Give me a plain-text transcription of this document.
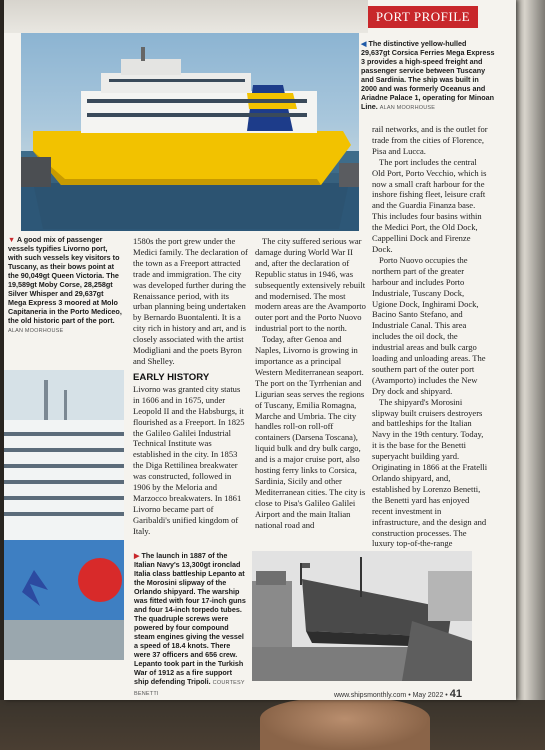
PORT PROFILE
◀ The distinctive yellow-hulled 29,637gt Corsica Ferries Mega Express 3 provides a high-speed freight and passenger service between Tuscany and Sardinia. The ship was built in 2000 and was formerly Oceanus and Ariadne Palace 1, operating for Minoan Line. ALAN MOORHOUSE
▼ A good mix of passenger vessels typifies Livorno port, with such vessels key visitors to Tuscany, as their bows point at the 90,049gt Queen Victoria. The 19,589gt Moby Corse, 28,258gt Silver Whisper and 29,637gt Mega Express 3 moored at Molo Capitaneria in the Porto Mediceo, the old historic part of the port. ALAN MOORHOUSE

1580s the port grew under the Medici family. The declaration of the town as a Freeport attracted trade and immigration. The city was developed further during the Renaissance period, with its urban planning being undertaken by Bernardo Buontalenti. It is a city rich in history and art, and is closely associated with the artist Modigliani and the poets Byron and Shelley.

EARLY HISTORY

Livorno was granted city status in 1606 and in 1675, under Leopold II and the Habsburgs, it flourished as a Freeport. In 1825 the Galileo Galilei Industrial Technical Institute was established in the city. In 1853 the Diga Rettilinea breakwater was constructed, followed in 1906 by the Meloria and Marzocco breakwaters. In 1861 Livorno became part of Garibaldi's unified kingdom of Italy.

The city suffered serious war damage during World War II and, after the declaration of Republic status in 1946, was subsequently extensively rebuilt and modernised. The most modern areas are the Avamporto outer port and the Porto Nuovo industrial port to the north.

Today, after Genoa and Naples, Livorno is growing in importance as a principal Western Mediterranean seaport. The port on the Tyrrhenian and Ligurian seas serves the regions of Tuscany, Emilia Romagna, Marche and Umbria. The city handles roll-on roll-off containers (Darsena Toscana), liquid bulk and dry bulk cargo, and is a major cruise port, also hosting ferry links to Corsica, Sardinia, Sicily and other Mediterranean cities. The city is close to Pisa's Galileo Galilei Airport and the main Italian national road and

rail networks, and is the outlet for trade from the cities of Florence, Pisa and Lucca.

The port includes the central Old Port, Porto Vecchio, which is now a small craft harbour for the inshore fishing fleet, leisure craft and the Guardia Finanza base. This includes four basins within the Medici Port, the Old Dock, Cappellini Dock and Firenze Dock.

Porto Nuovo occupies the northern part of the greater harbour and includes Porto Industriale, Tuscany Dock, Ugione Dock, Inghirami Dock, Bacino Santo Stefano, and Industriale Canal. This area includes the oil dock, the industrial areas and bulk cargo loading and unloading areas. The southern part of the outer port (Avamporto) includes the New Dry dock and shipyard.

The shipyard's Morosini slipway built cruisers destroyers and battleships for the Italian Navy in the 19th century. Today, it is the base for the Benetti superyacht building yard. Originating in 1866 at the Fratelli Orlando shipyard, and, established by Lorenzo Benetti, the Benetti yard has enjoyed recent investment in infrastructure, and the design and construction processes. The luxury top-of-the-range

▶ The launch in 1887 of the Italian Navy's 13,300gt ironclad Italia class battleship Lepanto at the Morosini slipway of the Orlando shipyard. The warship was fitted with four 17-inch guns and four 14-inch torpedo tubes. The quadruple screws were powered by four compound steam engines giving the vessel a speed of 18.4 knots. There were 37 officers and 656 crew. Lepanto took part in the Turkish War of 1912 as a fire support ship defending Tripoli. COURTESY BENETTI	www.shipsmonthly.com • May 2022 • 41
